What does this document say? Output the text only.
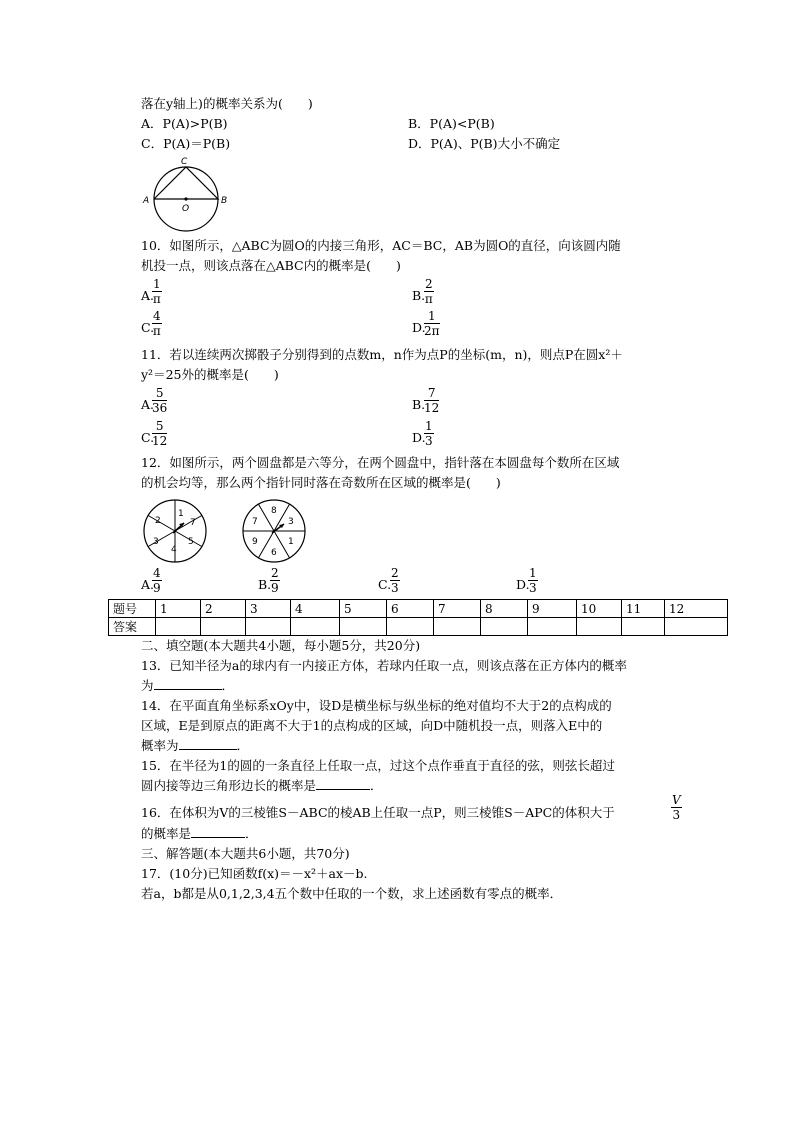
落在y轴上)的概率关系为(　　)
A．P(A)>P(B)	B．P(A)<P(B)
C．P(A)＝P(B)	D．P(A)、P(B)大小不确定
C
A
O
B
10．如图所示，△ABC为圆O的内接三角形，AC＝BC，AB为圆O的直径，向该圆内随
机投一点，则该点落在△ABC内的概率是(　　)
A.
1
π	B.
2
π
C.
4
π	D.
1
2π
11．若以连续两次掷骰子分别得到的点数m，n作为点P的坐标(m，n)，则点P在圆x²＋
y²＝25外的概率是(　　)
A.
5
36	B.
7
12
C.
5
12	D.
1
3
12．如图所示，两个圆盘都是六等分，在两个圆盘中，指针落在本圆盘每个数所在区域
的机会均等，那么两个指针同时落在奇数所在区域的概率是(　　)
1
7
5
4
3
2
8
3
1
6
9
7
A.
4
9	B.
2
9	C.
2
3	D.
1
3
题号	1	2	3	4	5	6	7	8	9	10	11	12
答案												
二、填空题(本大题共4小题，每小题5分，共20分)
13．已知半径为a的球内有一内接正方体，若球内任取一点，则该点落在正方体内的概率
为	．
14．在平面直角坐标系xOy中，设D是横坐标与纵坐标的绝对值均不大于2的点构成的
区域，E是到原点的距离不大于1的点构成的区域，向D中随机投一点，则落入E中的
概率为	．
15．在半径为1的圆的一条直径上任取一点，过这个点作垂直于直径的弦，则弦长超过
圆内接等边三角形边长的概率是	．
16．在体积为V的三棱锥S－ABC的棱AB上任取一点P，则三棱锥S－APC的体积大于
V
3
的概率是	．
三、解答题(本大题共6小题，共70分)
17．(10分)已知函数f(x)＝－x²＋ax－b.
若a，b都是从0,1,2,3,4五个数中任取的一个数，求上述函数有零点的概率．
